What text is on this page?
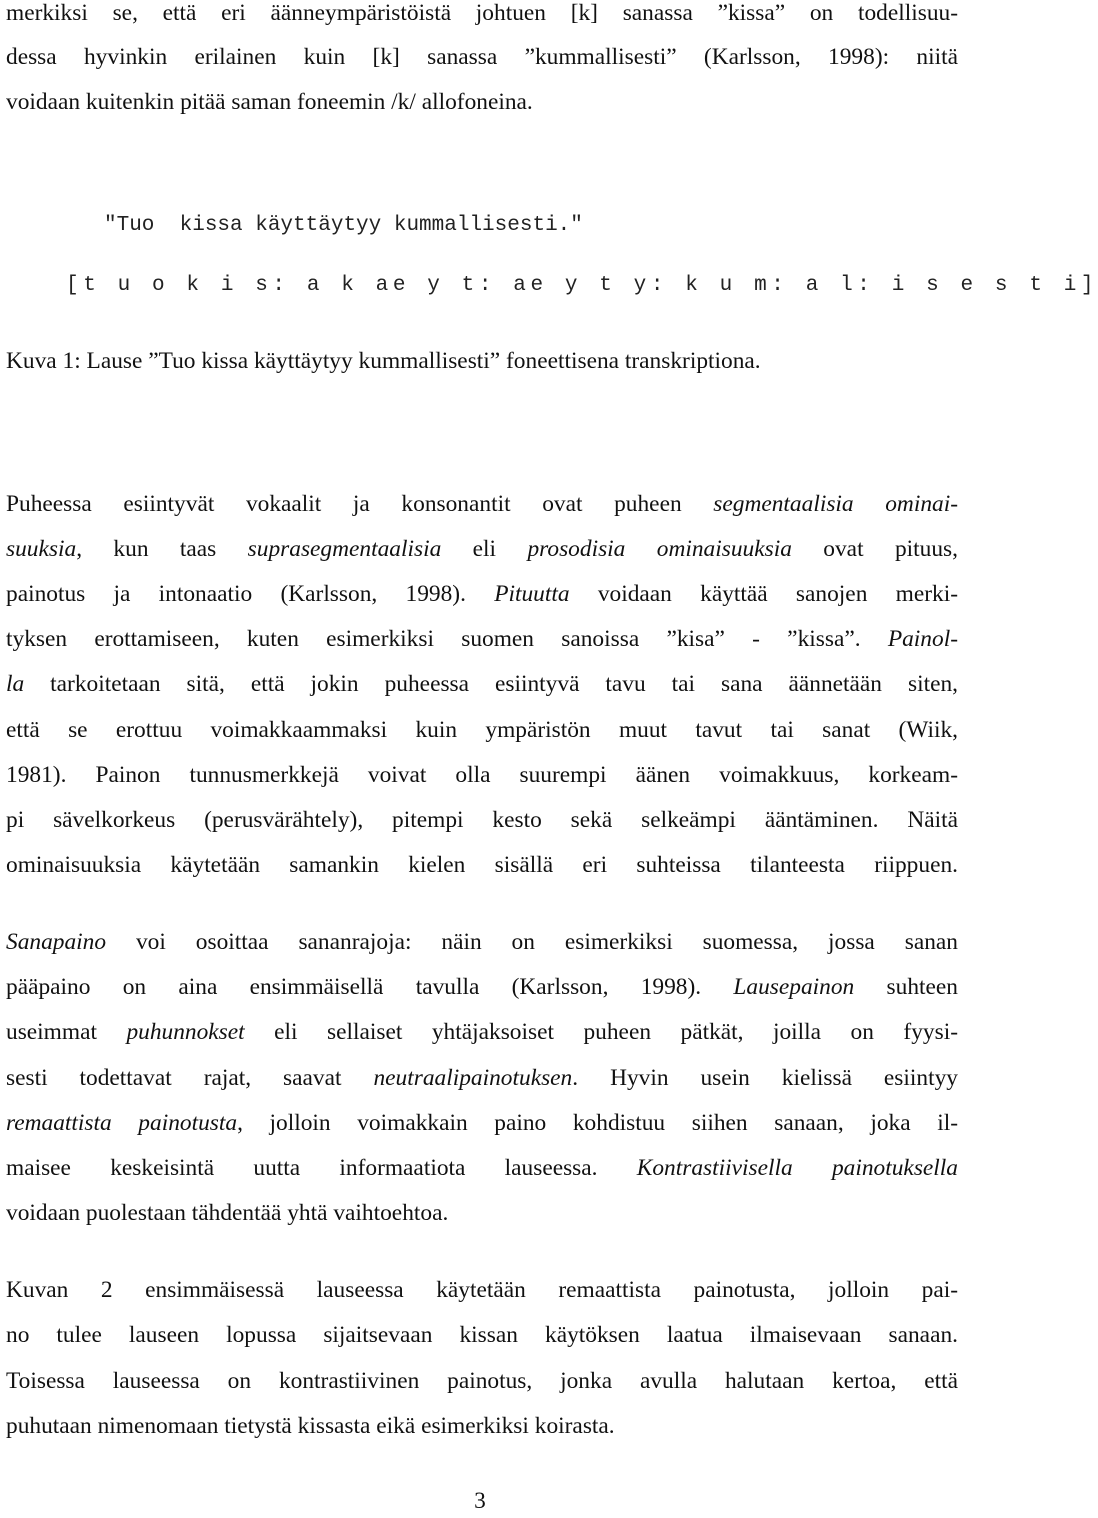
merkiksi se, että eri äänneympäristöistä johtuen [k] sanassa ”kissa” on todellisuu-
dessa hyvinkin erilainen kuin [k] sanassa ”kummallisesti” (Karlsson, 1998): niitä
voidaan kuitenkin pitää saman foneemin /k/ allofoneina.
"Tuo  kissa käyttäytyy kummallisesti."
[t u o k i s: a k ae y t: ae y t y: k u m: a l: i s e s t i]
Kuva 1: Lause ”Tuo kissa käyttäytyy kummallisesti” foneettisena transkriptiona.
Puheessa esiintyvät vokaalit ja konsonantit ovat puheen segmentaalisia ominai-
suuksia, kun taas suprasegmentaalisia eli prosodisia ominaisuuksia ovat pituus,
painotus ja intonaatio (Karlsson, 1998). Pituutta voidaan käyttää sanojen merki-
tyksen erottamiseen, kuten esimerkiksi suomen sanoissa ”kisa” - ”kissa”. Painol-
la tarkoitetaan sitä, että jokin puheessa esiintyvä tavu tai sana äännetään siten,
että se erottuu voimakkaammaksi kuin ympäristön muut tavut tai sanat (Wiik,
1981). Painon tunnusmerkkejä voivat olla suurempi äänen voimakkuus, korkeam-
pi sävelkorkeus (perusvärähtely), pitempi kesto sekä selkeämpi ääntäminen. Näitä
ominaisuuksia käytetään samankin kielen sisällä eri suhteissa tilanteesta riippuen.
Sanapaino voi osoittaa sananrajoja: näin on esimerkiksi suomessa, jossa sanan
pääpaino on aina ensimmäisellä tavulla (Karlsson, 1998). Lausepainon suhteen
useimmat puhunnokset eli sellaiset yhtäjaksoiset puheen pätkät, joilla on fyysi-
sesti todettavat rajat, saavat neutraalipainotuksen. Hyvin usein kielissä esiintyy
remaattista painotusta, jolloin voimakkain paino kohdistuu siihen sanaan, joka il-
maisee keskeisintä uutta informaatiota lauseessa. Kontrastiivisella painotuksella
voidaan puolestaan tähdentää yhtä vaihtoehtoa.
Kuvan 2 ensimmäisessä lauseessa käytetään remaattista painotusta, jolloin pai-
no tulee lauseen lopussa sijaitsevaan kissan käytöksen laatua ilmaisevaan sanaan.
Toisessa lauseessa on kontrastiivinen painotus, jonka avulla halutaan kertoa, että
puhutaan nimenomaan tietystä kissasta eikä esimerkiksi koirasta.
3
